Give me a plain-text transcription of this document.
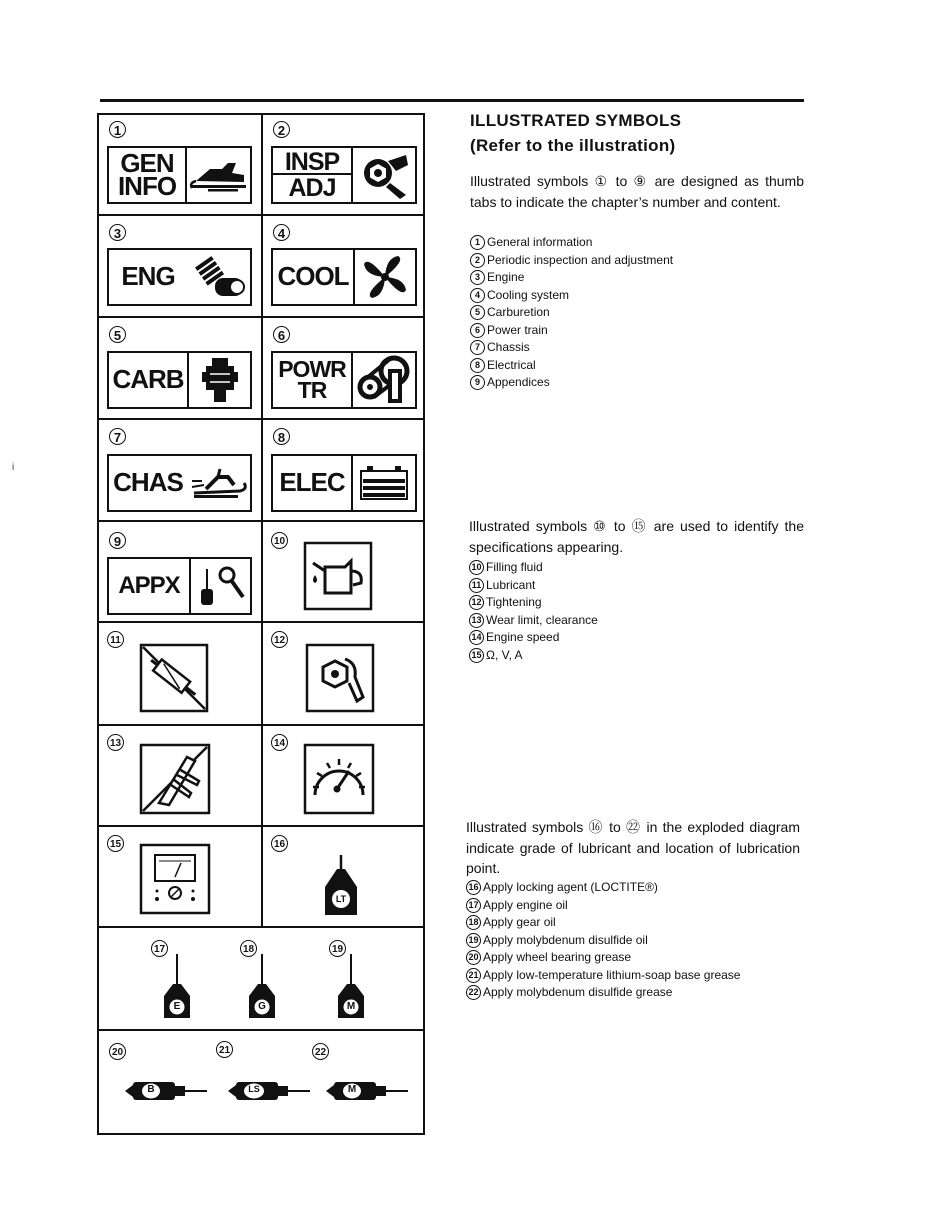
i
1
GEN
INFO
2
INSP
ADJ
3
ENG
4
COOL
5
CARB
6
POWR
TR
7
CHAS
8
ELEC
9
APPX
10
11	12
13	14
15	16
LT
17
E
18
G
19
M
20
B
21
LS
22
M
ILLUSTRATED SYMBOLS
(Refer to the illustration)
Illustrated symbols ① to ⑨ are designed as thumb tabs to indicate the chapter’s number and content.
1 General information
2 Periodic inspection and adjustment
3 Engine
4 Cooling system
5 Carburetion
6 Power train
7 Chassis
8 Electrical
9 Appendices
Illustrated symbols ⑩ to ⑮ are used to identify the specifications appearing.
10 Filling fluid
11 Lubricant
12 Tightening
13 Wear limit, clearance
14 Engine speed
15 Ω, V, A
Illustrated symbols ⑯ to ㉒ in the exploded diagram indicate grade of lubricant and location of lubrication point.
16 Apply locking agent (LOCTITE®)
17 Apply engine oil
18 Apply gear oil
19 Apply molybdenum disulfide oil
20 Apply wheel bearing grease
21 Apply low-temperature lithium-soap base grease
22 Apply molybdenum disulfide grease
